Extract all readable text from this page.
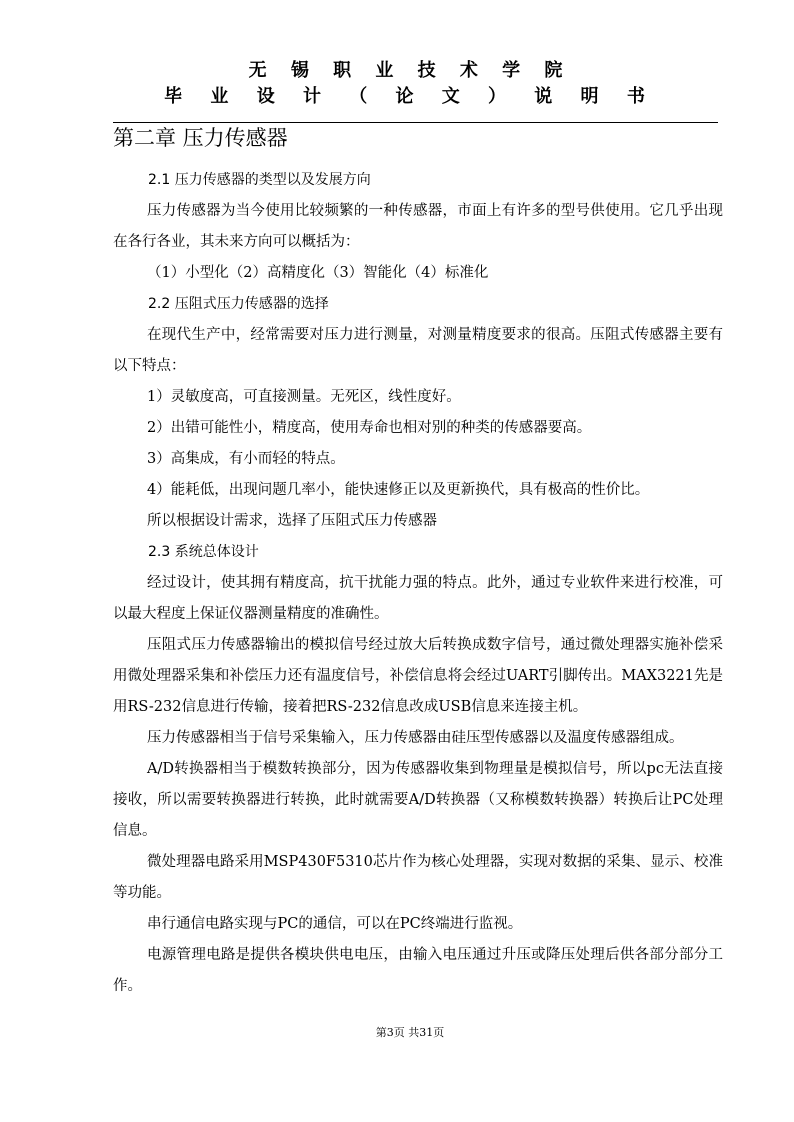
无 锡 职 业 技 术 学 院
毕 业 设 计 （ 论 文 ） 说 明 书
第二章 压力传感器

2.1 压力传感器的类型以及发展方向

压力传感器为当今使用比较频繁的一种传感器，市面上有许多的型号供使用。它几乎出现在各行各业，其未来方向可以概括为：

（1）小型化（2）高精度化（3）智能化（4）标准化

2.2 压阻式压力传感器的选择

在现代生产中，经常需要对压力进行测量，对测量精度要求的很高。压阻式传感器主要有以下特点：

1）灵敏度高，可直接测量。无死区，线性度好。

2）出错可能性小，精度高，使用寿命也相对别的种类的传感器要高。

3）高集成，有小而轻的特点。

4）能耗低，出现问题几率小，能快速修正以及更新换代，具有极高的性价比。

所以根据设计需求，选择了压阻式压力传感器

2.3 系统总体设计

经过设计，使其拥有精度高，抗干扰能力强的特点。此外，通过专业软件来进行校准，可以最大程度上保证仪器测量精度的准确性。

压阻式压力传感器输出的模拟信号经过放大后转换成数字信号，通过微处理器实施补偿采用微处理器采集和补偿压力还有温度信号，补偿信息将会经过UART引脚传出。MAX3221先是用RS-232信息进行传输，接着把RS-232信息改成USB信息来连接主机。

压力传感器相当于信号采集输入，压力传感器由硅压型传感器以及温度传感器组成。

A/D转换器相当于模数转换部分，因为传感器收集到物理量是模拟信号，所以pc无法直接接收，所以需要转换器进行转换，此时就需要A/D转换器（又称模数转换器）转换后让PC处理信息。

微处理器电路采用MSP430F5310芯片作为核心处理器，实现对数据的采集、显示、校准等功能。

串行通信电路实现与PC的通信，可以在PC终端进行监视。

电源管理电路是提供各模块供电电压，由输入电压通过升压或降压处理后供各部分部分工作。

第3页 共31页
